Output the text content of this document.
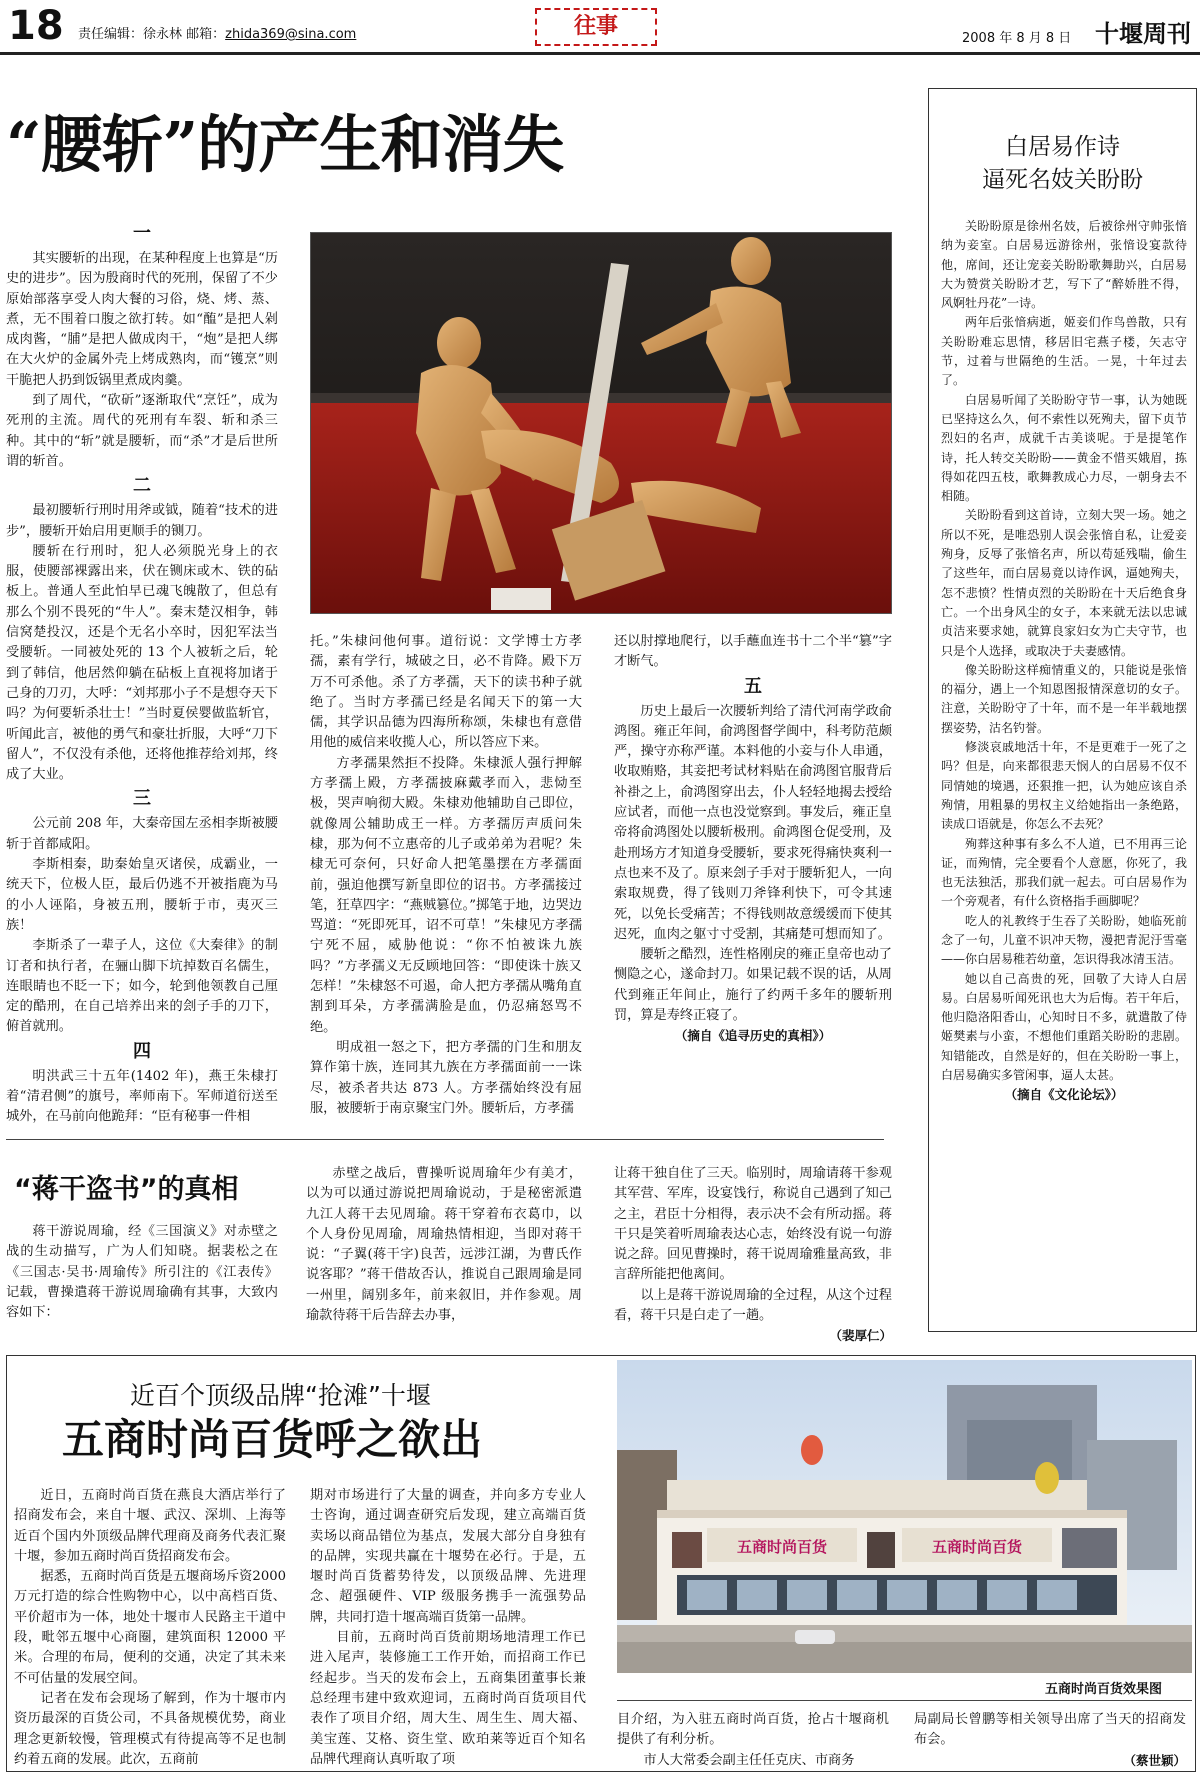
18 责任编辑：徐永林 邮箱：zhida369@sina.com	往事	2008 年 8 月 8 日 十堰周刊
“腰斩”的产生和消失
一

其实腰斩的出现，在某种程度上也算是“历史的进步”。因为殷商时代的死刑，保留了不少原始部落享受人肉大餐的习俗，烧、烤、蒸、煮，无不围着口腹之欲打转。如“醢”是把人剁成肉酱，“脯”是把人做成肉干，“炮”是把人绑在大火炉的金属外壳上烤成熟肉，而“镬烹”则干脆把人扔到饭锅里煮成肉羹。

到了周代，“砍斫”逐渐取代“烹饪”，成为死刑的主流。周代的死刑有车裂、斩和杀三种。其中的“斩”就是腰斩，而“杀”才是后世所谓的斩首。

二

最初腰斩行刑时用斧或钺，随着“技术的进步”，腰斩开始启用更顺手的铡刀。

腰斩在行刑时，犯人必须脱光身上的衣服，使腰部裸露出来，伏在铡床或木、铁的砧板上。普通人至此怕早已魂飞魄散了，但总有那么个别不畏死的“牛人”。秦末楚汉相争，韩信窝楚投汉，还是个无名小卒时，因犯军法当受腰斩。一同被处死的 13 个人被斩之后，轮到了韩信，他居然仰躺在砧板上直视将加诸于己身的刀刃，大呼：“刘邦那小子不是想夺天下吗？为何要斩杀壮士！”当时夏侯婴做监斩官，听闻此言，被他的勇气和豪壮折服，大呼“刀下留人”，不仅没有杀他，还将他推荐给刘邦，终成了大业。

三

公元前 208 年，大秦帝国左丞相李斯被腰斩于首都咸阳。

李斯相秦，助秦始皇灭诸侯，成霸业，一统天下，位极人臣，最后仍逃不开被指鹿为马的小人诬陷，身被五刑，腰斩于市，夷灭三族！

李斯杀了一辈子人，这位《大秦律》的制订者和执行者，在骊山脚下坑掉数百名儒生，连眼睛也不眨一下；如今，轮到他领教自己厘定的酷刑，在自己培养出来的刽子手的刀下，俯首就刑。

四

明洪武三十五年(1402 年)，燕王朱棣打着“清君侧”的旗号，率师南下。军师道衍送至城外，在马前向他跪拜：“臣有秘事一件相

托。”朱棣问他何事。道衍说：文学博士方孝孺，素有学行，城破之日，必不肯降。殿下万万不可杀他。杀了方孝孺，天下的读书种子就绝了。当时方孝孺已经是名闻天下的第一大儒，其学识品德为四海所称颂，朱棣也有意借用他的威信来收揽人心，所以答应下来。

方孝孺果然拒不投降。朱棣派人强行押解方孝孺上殿，方孝孺披麻戴孝而入，悲恸至极，哭声响彻大殿。朱棣劝他辅助自己即位，就像周公辅助成王一样。方孝孺厉声质问朱棣，那为何不立惠帝的儿子或弟弟为君呢？朱棣无可奈何，只好命人把笔墨摆在方孝孺面前，强迫他撰写新皇即位的诏书。方孝孺接过笔，狂草四字：“燕贼篡位。”掷笔于地，边哭边骂道：“死即死耳，诏不可草！”朱棣见方孝孺宁死不屈，威胁他说：“你不怕被诛九族吗？”方孝孺义无反顾地回答：“即使诛十族又怎样！”朱棣怒不可遏，命人把方孝孺从嘴角直割到耳朵，方孝孺满脸是血，仍忍痛怒骂不绝。

明成祖一怒之下，把方孝孺的门生和朋友算作第十族，连同其九族在方孝孺面前一一诛尽，被杀者共达 873 人。方孝孺始终没有屈服，被腰斩于南京聚宝门外。腰斩后，方孝孺

还以肘撑地爬行，以手蘸血连书十二个半“篡”字才断气。

五

历史上最后一次腰斩判给了清代河南学政俞鸿图。雍正年间，俞鸿图督学闽中，科考防范颇严，操守亦称严谨。本料他的小妾与仆人串通，收取贿赂，其妾把考试材料贴在俞鸿图官服背后补褂之上，俞鸿图穿出去，仆人轻轻地揭去授给应试者，而他一点也没觉察到。事发后，雍正皇帝将俞鸿图处以腰斩极刑。俞鸿图仓促受刑，及赴刑场方才知道身受腰斩，要求死得痛快爽利一点也来不及了。原来刽子手对于腰斩犯人，一向索取规费，得了钱则刀斧锋利快下，可令其速死，以免长受痛苦；不得钱则故意缓缓而下使其迟死，血肉之躯寸寸受割，其痛楚可想而知了。

腰斩之酷烈，连性格刚戾的雍正皇帝也动了恻隐之心，遂命封刀。如果记载不误的话，从周代到雍正年间止，施行了约两千多年的腰斩刑罚，算是寿终正寝了。

（摘自《追寻历史的真相》）
白居易作诗
逼死名妓关盼盼

关盼盼原是徐州名妓，后被徐州守帅张愔纳为妾室。白居易远游徐州，张愔设宴款待他，席间，还让宠妾关盼盼歌舞助兴，白居易大为赞赏关盼盼才艺，写下了“醉娇胜不得，风婀牡丹花”一诗。

两年后张愔病逝，姬妾们作鸟兽散，只有关盼盼难忘思情，移居旧宅燕子楼，矢志守节，过着与世隔绝的生活。一晃，十年过去了。

白居易听闻了关盼盼守节一事，认为她既已坚持这么久，何不索性以死殉夫，留下贞节烈妇的名声，成就千古美谈呢。于是提笔作诗，托人转交关盼盼——黄金不惜买娥眉，拣得如花四五枝，歌舞教成心力尽，一朝身去不相随。

关盼盼看到这首诗，立刻大哭一场。她之所以不死，是唯恐别人误会张愔自私，让爱妾殉身，反辱了张愔名声，所以苟延残喘，偷生了这些年，而白居易竟以诗作讽，逼她殉夫，怎不悲愤？性情贞烈的关盼盼在十天后绝食身亡。一个出身风尘的女子，本来就无法以忠诚贞洁来要求她，就算良家妇女为亡夫守节，也只是个人选择，或取决于夫妻感情。

像关盼盼这样痴情重义的，只能说是张愔的福分，遇上一个知恩图报情深意切的女子。注意，关盼盼守了十年，而不是一年半载地摆摆姿势，沽名钓誉。

修淡哀戚地活十年，不是更难于一死了之吗？但是，向来都很悲天悯人的白居易不仅不同情她的境遇，还狠推一把，认为她应该自杀殉情，用粗暴的男权主义给她指出一条绝路，读成口语就是，你怎么不去死？

殉葬这种事有多么不人道，已不用再三论证，而殉情，完全要看个人意愿，你死了，我也无法独活，那我们就一起去。可白居易作为一个旁观者，有什么资格指手画脚呢？

吃人的礼教终于生吞了关盼盼，她临死前念了一句，儿童不识冲天物，漫把青泥汙雪毫——你白居易稚若幼童，怎识得我冰清玉洁。

她以自己高贵的死，回敬了大诗人白居易。白居易听闻死讯也大为后悔。若干年后，他归隐洛阳香山，心知时日不多，就遣散了侍姬樊素与小蛮，不想他们重蹈关盼盼的悲剧。知错能改，自然是好的，但在关盼盼一事上，白居易确实多管闲事，逼人太甚。

（摘自《文化论坛》）
“蒋干盗书”的真相

蒋干游说周瑜，经《三国演义》对赤壁之战的生动描写，广为人们知晓。据裴松之在《三国志·吴书·周瑜传》所引注的《江表传》记载，曹操遣蒋干游说周瑜确有其事，大致内容如下：

赤壁之战后，曹操听说周瑜年少有美才，以为可以通过游说把周瑜说动，于是秘密派遣九江人蒋干去见周瑜。蒋干穿着布衣葛巾，以个人身份见周瑜，周瑜热情相迎，当即对蒋干说：“子翼(蒋干字)良苦，远涉江湖，为曹氏作说客耶？”蒋干借故否认，推说自己跟周瑜是同一州里，阔别多年，前来叙旧，并作参观。周瑜款待蒋干后告辞去办事，

让蒋干独自住了三天。临别时，周瑜请蒋干参观其军营、军库，设宴饯行，称说自己遇到了知己之主，君臣十分相得，表示决不会有所动摇。蒋干只是笑着听周瑜表达心志，始终没有说一句游说之辞。回见曹操时，蒋干说周瑜雅量高致，非言辞所能把他离间。

以上是蒋干游说周瑜的全过程，从这个过程看，蒋干只是白走了一趟。

（裴厚仁）
近百个顶级品牌“抢滩”十堰
五商时尚百货呼之欲出

近日，五商时尚百货在燕良大酒店举行了招商发布会，来自十堰、武汉、深圳、上海等近百个国内外顶级品牌代理商及商务代表汇聚十堰，参加五商时尚百货招商发布会。

据悉，五商时尚百货是五堰商场斥资2000 万元打造的综合性购物中心，以中高档百货、平价超市为一体，地处十堰市人民路主干道中段，毗邻五堰中心商圈，建筑面积 12000 平米。合理的布局，便利的交通，决定了其未来不可估量的发展空间。

记者在发布会现场了解到，作为十堰市内资历最深的百货公司，不具备规模优势，商业理念更新较慢，管理模式有待提高等不足也制约着五商的发展。此次，五商前

期对市场进行了大量的调查，并向多方专业人士咨询，通过调查研究后发现，建立高端百货卖场以商品错位为基点，发展大部分自身独有的品牌，实现共赢在十堰势在必行。于是，五堰时尚百货蓄势待发，以顶级品牌、先进理念、超强硬件、VIP 级服务携手一流强势品牌，共同打造十堰高端百货第一品牌。

目前，五商时尚百货前期场地清理工作已进入尾声，装修施工工作开始，而招商工作已经起步。当天的发布会上，五商集团董事长兼总经理韦建中致欢迎词，五商时尚百货项目代表作了项目介绍，周大生、周生生、周大福、美宝莲、艾格、资生堂、欧珀莱等近百个知名品牌代理商认真听取了项

五商时尚百货	五商时尚百货
五商时尚百货效果图

目介绍，为入驻五商时尚百货，抢占十堰商机提供了有利分析。

市人大常委会副主任任克庆、市商务

局副局长曾鹏等相关领导出席了当天的招商发布会。

（蔡世颖）
